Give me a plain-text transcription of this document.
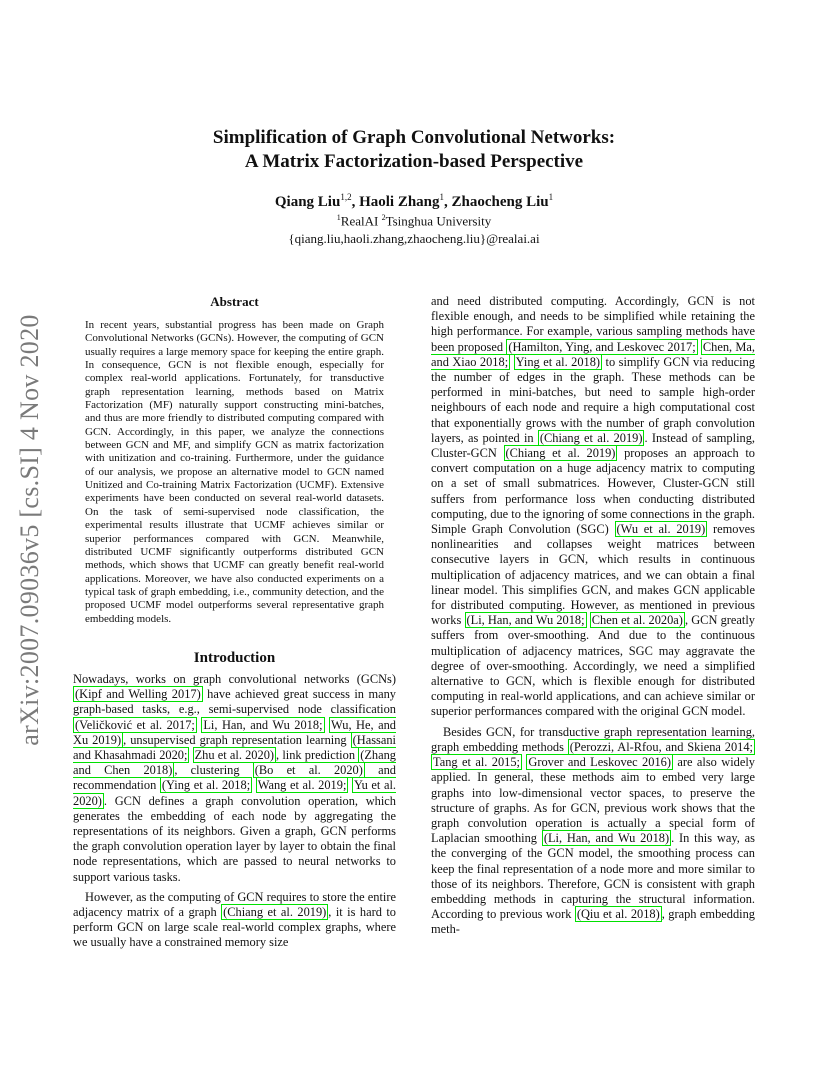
arXiv:2007.09036v5 [cs.SI] 4 Nov 2020
Simplification of Graph Convolutional Networks:
A Matrix Factorization-based Perspective
Qiang Liu$^{1,2}$, Haoli Zhang$^1$, Zhaocheng Liu$^1$
$^1$RealAI $^2$Tsinghua University
{qiang.liu,haoli.zhang,zhaocheng.liu}@realai.ai
Abstract

In recent years, substantial progress has been made on Graph Convolutional Networks (GCNs). However, the computing of GCN usually requires a large memory space for keeping the entire graph. In consequence, GCN is not flexible enough, especially for complex real-world applications. Fortunately, for transductive graph representation learning, methods based on Matrix Factorization (MF) naturally support constructing mini-batches, and thus are more friendly to distributed computing compared with GCN. Accordingly, in this paper, we analyze the connections between GCN and MF, and simplify GCN as matrix factorization with unitization and co-training. Furthermore, under the guidance of our analysis, we propose an alternative model to GCN named Unitized and Co-training Matrix Factorization (UCMF). Extensive experiments have been conducted on several real-world datasets. On the task of semi-supervised node classification, the experimental results illustrate that UCMF achieves similar or superior performances compared with GCN. Meanwhile, distributed UCMF significantly outperforms distributed GCN methods, which shows that UCMF can greatly benefit real-world applications. Moreover, we have also conducted experiments on a typical task of graph embedding, i.e., community detection, and the proposed UCMF model outperforms several representative graph embedding models.

Introduction

Nowadays, works on graph convolutional networks (GCNs) (Kipf and Welling 2017) have achieved great success in many graph-based tasks, e.g., semi-supervised node classification (Veličković et al. 2017; Li, Han, and Wu 2018; Wu, He, and Xu 2019) , unsupervised graph representation learning (Hassani and Khasahmadi 2020; Zhu et al. 2020) , link prediction (Zhang and Chen 2018) , clustering (Bo et al. 2020) and recommendation (Ying et al. 2018; Wang et al. 2019; Yu et al. 2020) . GCN defines a graph convolution operation, which generates the embedding of each node by aggregating the representations of its neighbors. Given a graph, GCN performs the graph convolution operation layer by layer to obtain the final node representations, which are passed to neural networks to support various tasks.

However, as the computing of GCN requires to store the entire adjacency matrix of a graph (Chiang et al. 2019) , it is hard to perform GCN on large scale real-world complex graphs, where we usually have a constrained memory size

and need distributed computing. Accordingly, GCN is not flexible enough, and needs to be simplified while retaining the high performance. For example, various sampling methods have been proposed (Hamilton, Ying, and Leskovec 2017; Chen, Ma, and Xiao 2018; Ying et al. 2018) to simplify GCN via reducing the number of edges in the graph. These methods can be performed in mini-batches, but need to sample high-order neighbours of each node and require a high computational cost that exponentially grows with the number of graph convolution layers, as pointed in (Chiang et al. 2019) . Instead of sampling, Cluster-GCN (Chiang et al. 2019) proposes an approach to convert computation on a huge adjacency matrix to computing on a set of small submatrices. However, Cluster-GCN still suffers from performance loss when conducting distributed computing, due to the ignoring of some connections in the graph. Simple Graph Convolution (SGC) (Wu et al. 2019) removes nonlinearities and collapses weight matrices between consecutive layers in GCN, which results in continuous multiplication of adjacency matrices, and we can obtain a final linear model. This simplifies GCN, and makes GCN applicable for distributed computing. However, as mentioned in previous works (Li, Han, and Wu 2018; Chen et al. 2020a) , GCN greatly suffers from over-smoothing. And due to the continuous multiplication of adjacency matrices, SGC may aggravate the degree of over-smoothing. Accordingly, we need a simplified alternative to GCN, which is flexible enough for distributed computing in real-world applications, and can achieve similar or superior performances compared with the original GCN model.

Besides GCN, for transductive graph representation learning, graph embedding methods (Perozzi, Al-Rfou, and Skiena 2014; Tang et al. 2015; Grover and Leskovec 2016) are also widely applied. In general, these methods aim to embed very large graphs into low-dimensional vector spaces, to preserve the structure of graphs. As for GCN, previous work shows that the graph convolution operation is actually a special form of Laplacian smoothing (Li, Han, and Wu 2018) . In this way, as the converging of the GCN model, the smoothing process can keep the final representation of a node more and more similar to those of its neighbors. Therefore, GCN is consistent with graph embedding methods in capturing the structural information. According to previous work (Qiu et al. 2018) , graph embedding meth-
